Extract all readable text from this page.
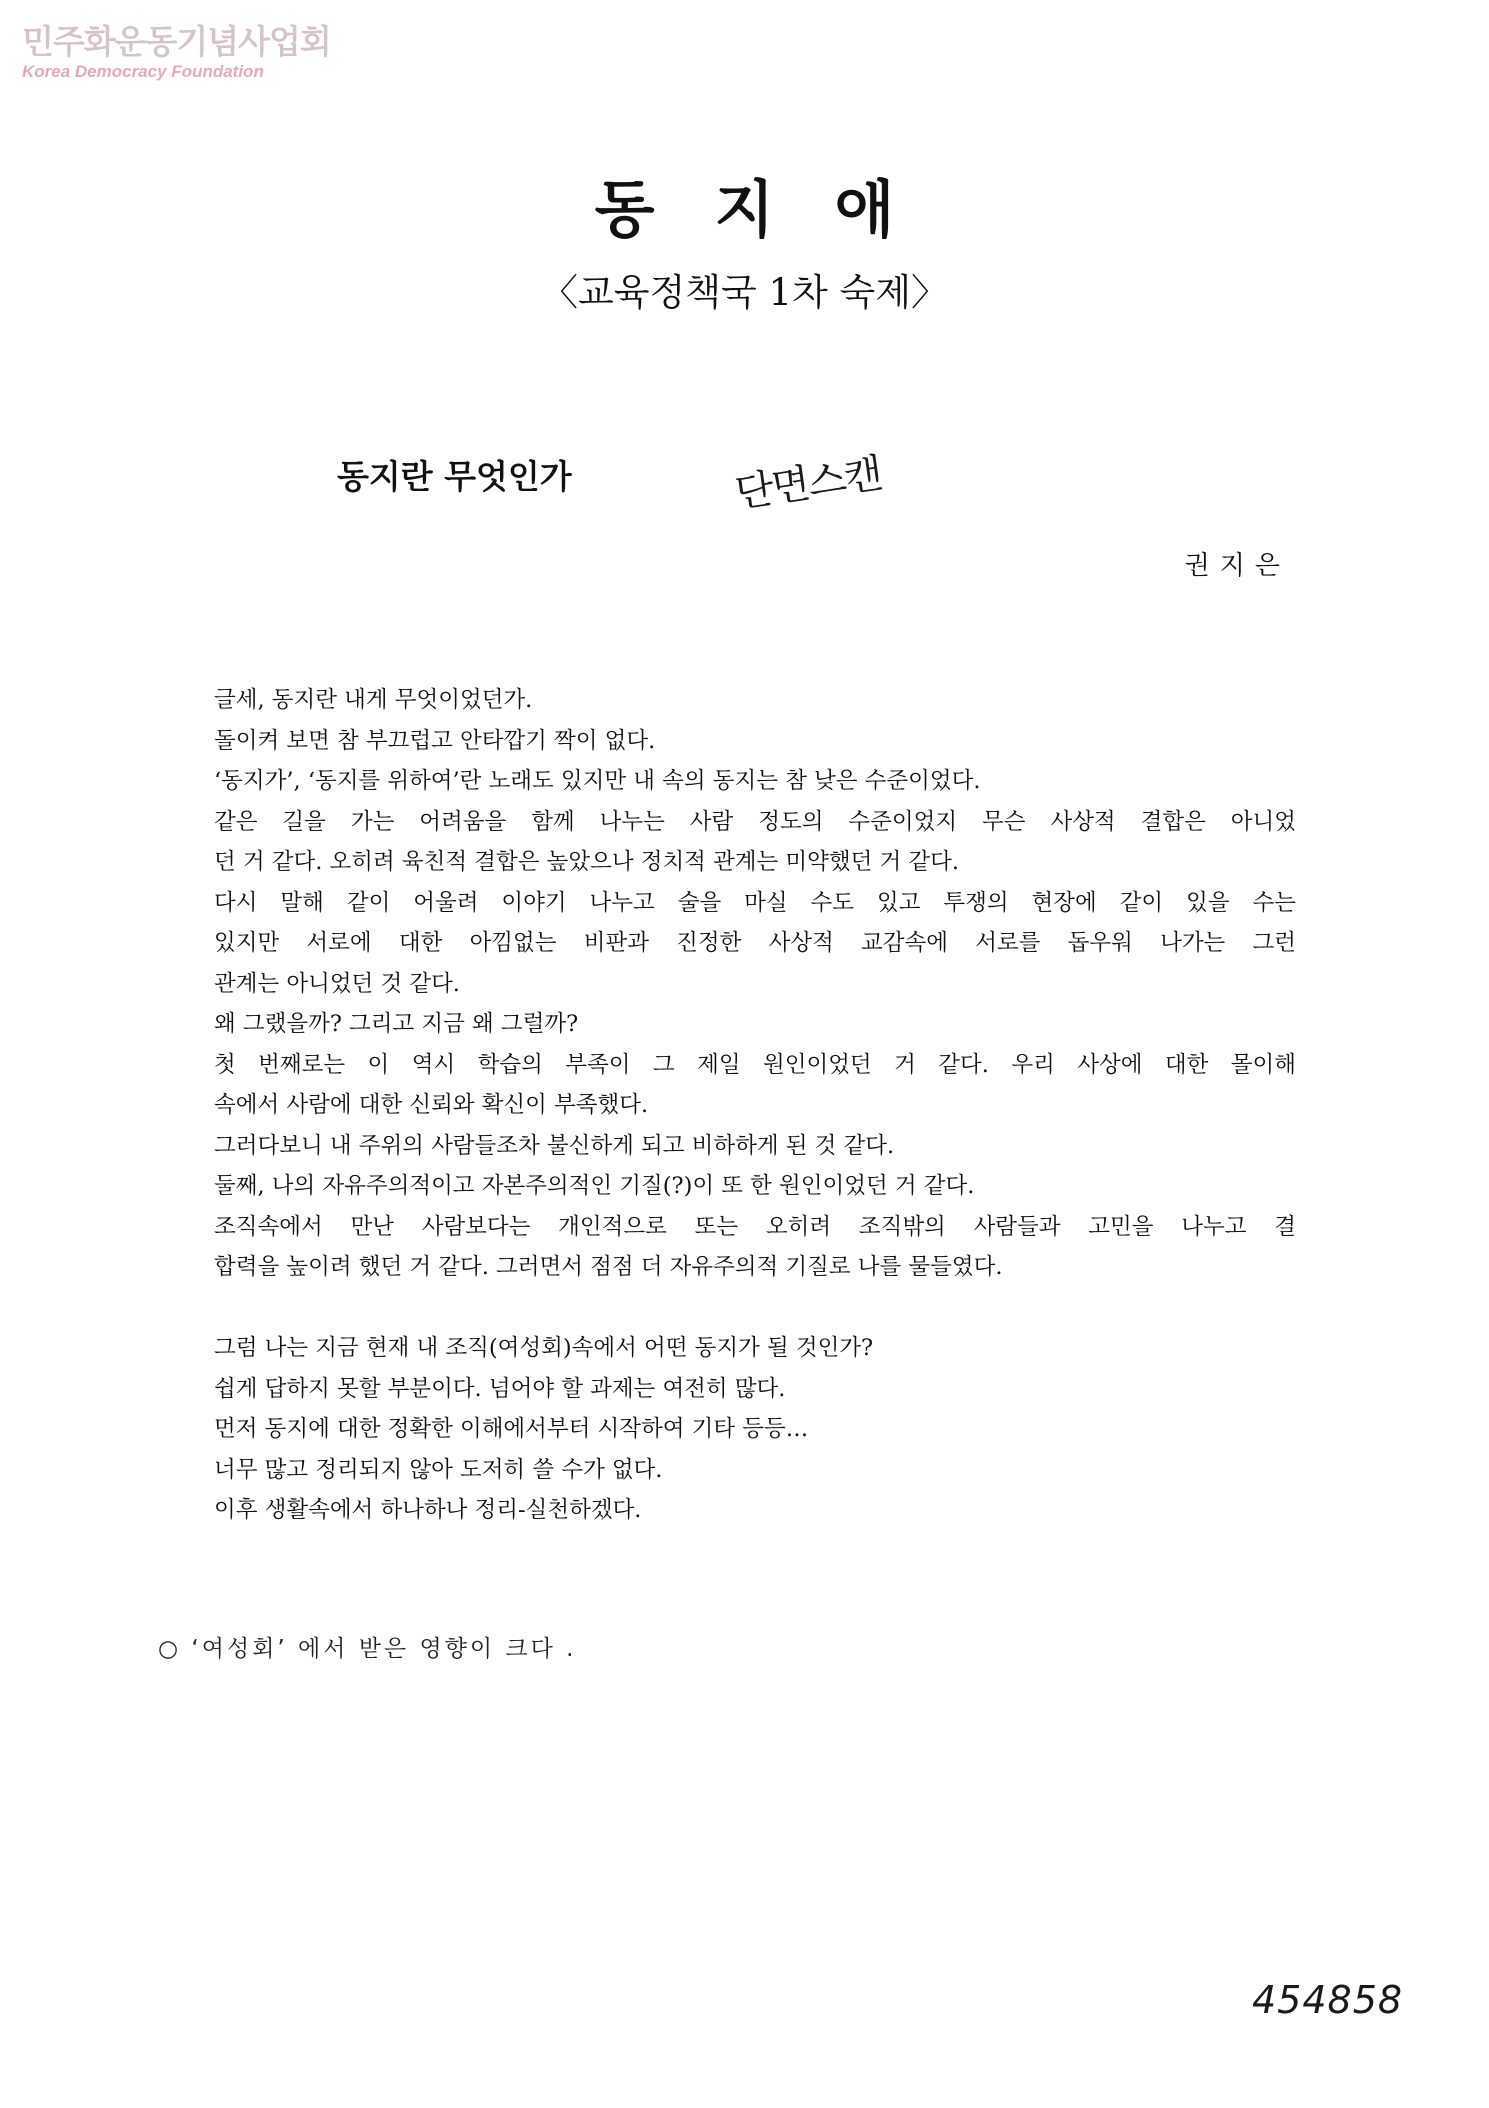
민주화운동기념사업회
Korea Democracy Foundation
동지애
〈교육정책국 1차 숙제〉
동지란 무엇인가	단면스캔
권지은
글세, 동지란 내게 무엇이었던가.
돌이켜 보면 참 부끄럽고 안타깝기 짝이 없다.
‘동지가’, ‘동지를 위하여’란 노래도 있지만 내 속의 동지는 참 낮은 수준이었다.
같은 길을 가는 어려움을 함께 나누는 사람 정도의 수준이었지 무슨 사상적 결합은 아니었
던 거 같다. 오히려 육친적 결합은 높았으나 정치적 관계는 미약했던 거 같다.
다시 말해 같이 어울려 이야기 나누고 술을 마실 수도 있고 투쟁의 현장에 같이 있을 수는
있지만 서로에 대한 아낌없는 비판과 진정한 사상적 교감속에 서로를 돕우워 나가는 그런
관계는 아니었던 것 같다.
왜 그랬을까? 그리고 지금 왜 그럴까?
첫 번째로는 이 역시 학습의 부족이 그 제일 원인이었던 거 같다. 우리 사상에 대한 몰이해
속에서 사람에 대한 신뢰와 확신이 부족했다.
그러다보니 내 주위의 사람들조차 불신하게 되고 비하하게 된 것 같다.
둘째, 나의 자유주의적이고 자본주의적인 기질(?)이 또 한 원인이었던 거 같다.
조직속에서 만난 사람보다는 개인적으로 또는 오히려 조직밖의 사람들과 고민을 나누고 결
합력을 높이려 했던 거 같다. 그러면서 점점 더 자유주의적 기질로 나를 물들였다.
그럼 나는 지금 현재 내 조직(여성회)속에서 어떤 동지가 될 것인가?
쉽게 답하지 못할 부분이다. 넘어야 할 과제는 여전히 많다.
먼저 동지에 대한 정확한 이해에서부터 시작하여 기타 등등…
너무 많고 정리되지 않아 도저히 쓸 수가 없다.
이후 생활속에서 하나하나 정리-실천하겠다.
○ ‘여성회’ 에서 받은 영향이 크다 .
454858
